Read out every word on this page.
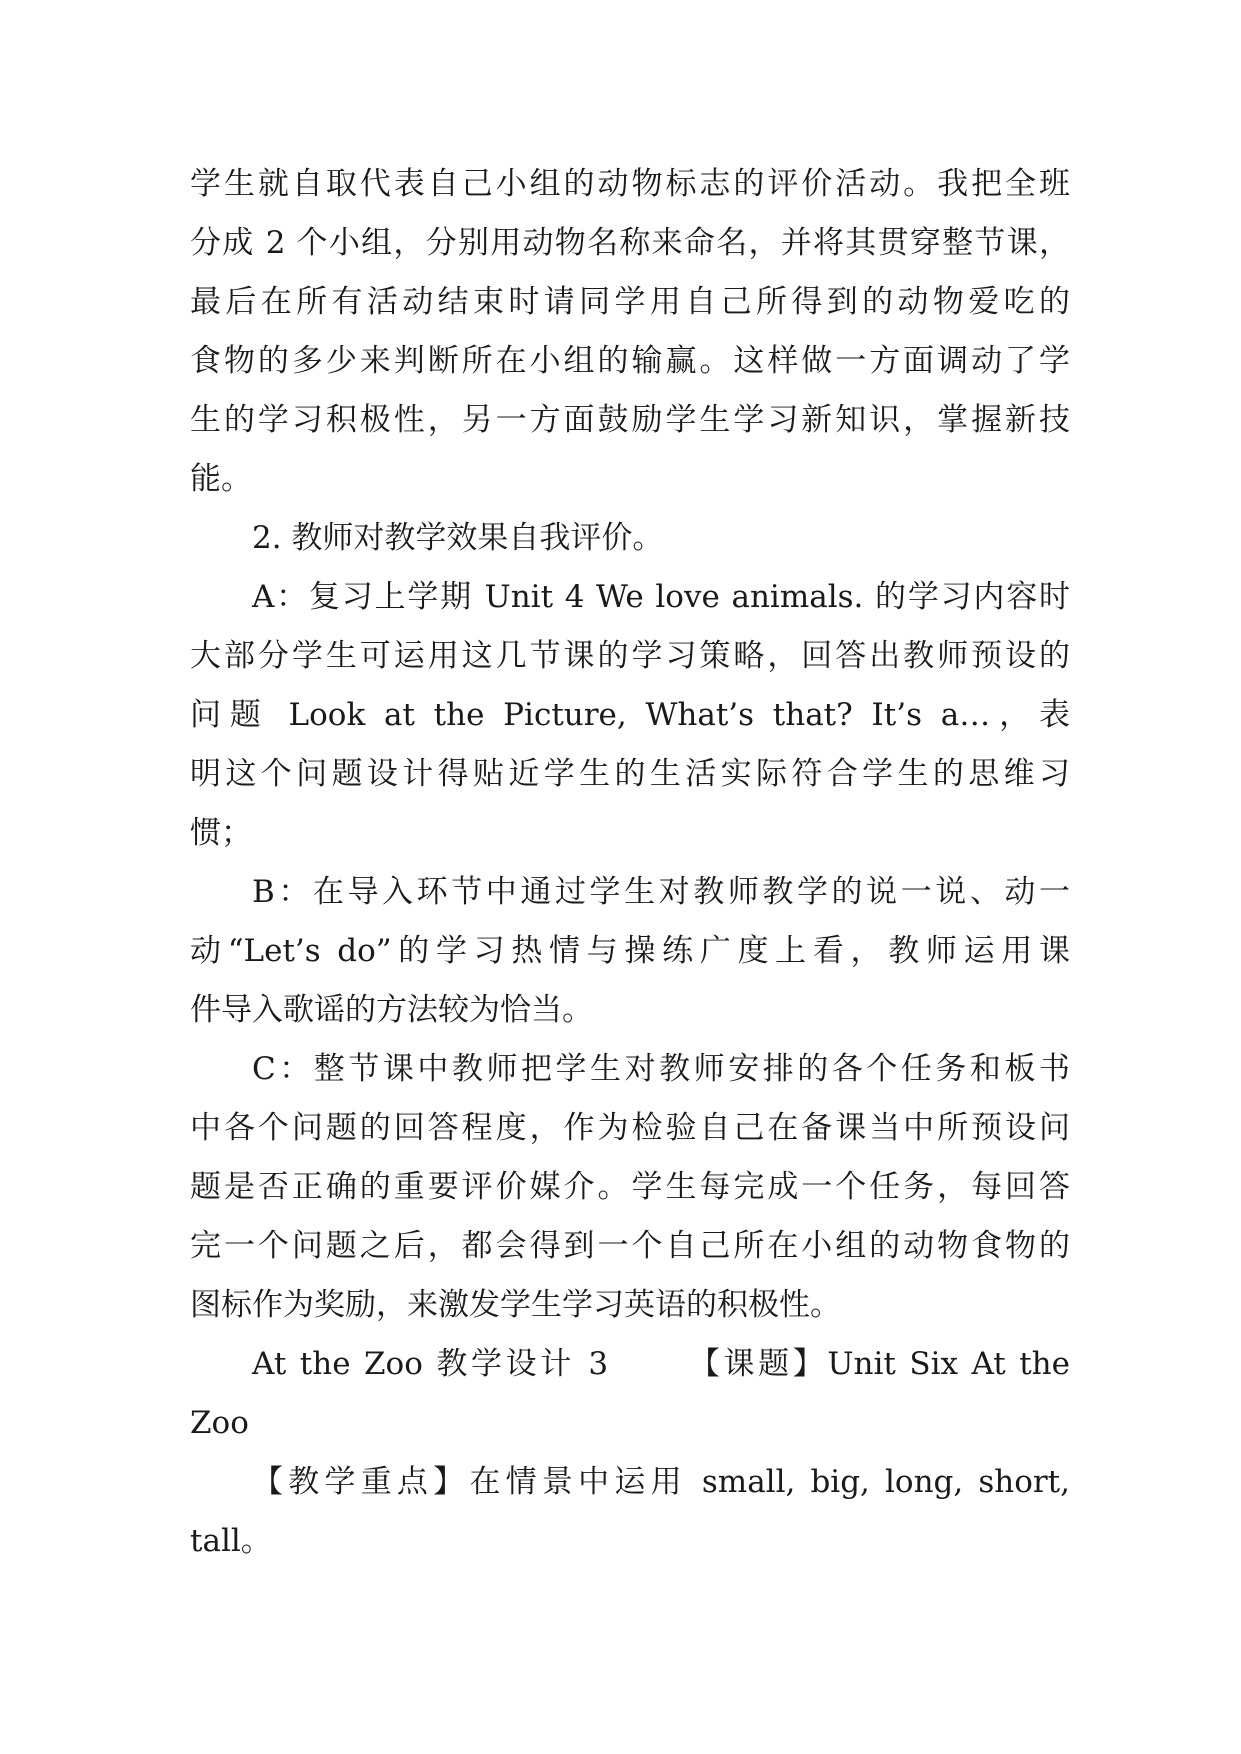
学生就自取代表自己小组的动物标志的评价活动。我把全班
分成 2 个小组，分别用动物名称来命名，并将其贯穿整节课，
最后在所有活动结束时请同学用自己所得到的动物爱吃的
食物的多少来判断所在小组的输赢。这样做一方面调动了学
生的学习积极性，另一方面鼓励学生学习新知识，掌握新技
能。
2. 教师对教学效果自我评价。
A：复习上学期 Unit 4 We love animals. 的学习内容时
大部分学生可运用这几节课的学习策略，回答出教师预设的
问题 Look at the Picture, What’s that? It’s a…，表
明这个问题设计得贴近学生的生活实际符合学生的思维习
惯；
B：在导入环节中通过学生对教师教学的说一说、动一
动“Let’s do”的学习热情与操练广度上看，教师运用课
件导入歌谣的方法较为恰当。
C：整节课中教师把学生对教师安排的各个任务和板书
中各个问题的回答程度，作为检验自己在备课当中所预设问
题是否正确的重要评价媒介。学生每完成一个任务，每回答
完一个问题之后，都会得到一个自己所在小组的动物食物的
图标作为奖励，来激发学生学习英语的积极性。
At the Zoo 教学设计 3      【课题】Unit Six At the
Zoo
【教学重点】在情景中运用 small, big, long, short,
tall。
